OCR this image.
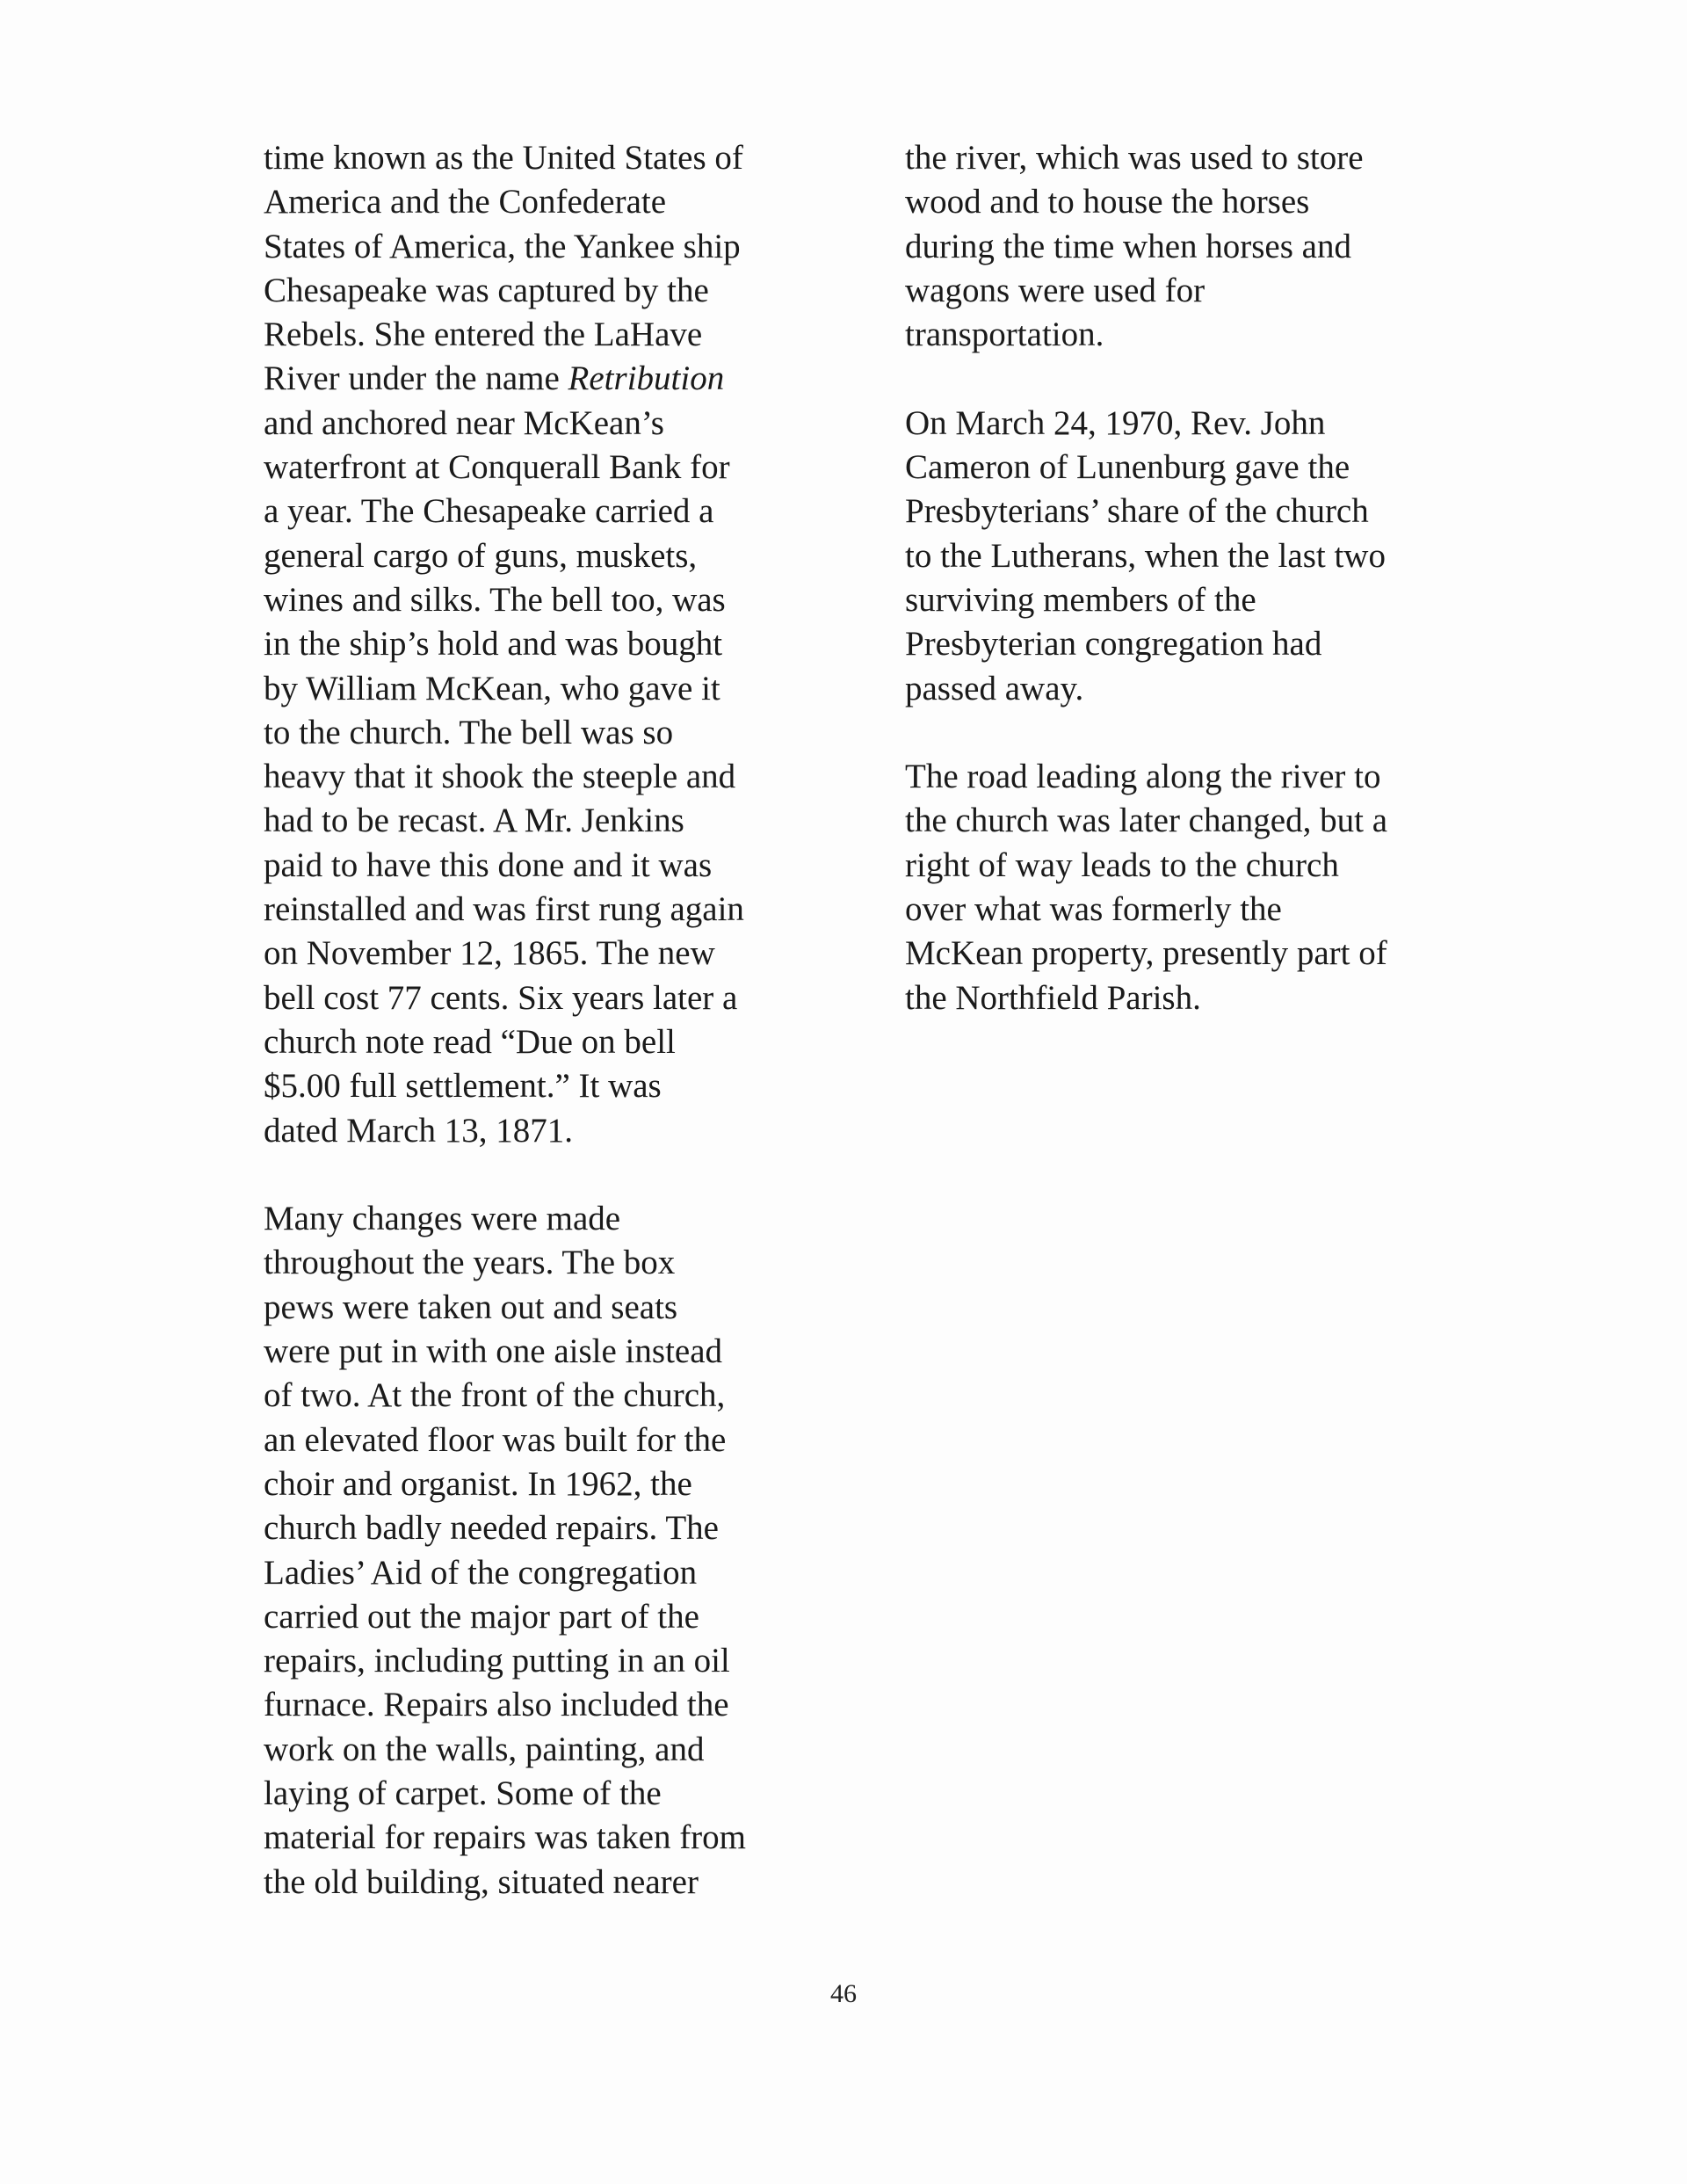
time known as the United States of
America and the Confederate
States of America, the Yankee ship
Chesapeake was captured by the
Rebels. She entered the LaHave
River under the name Retribution
and anchored near McKean’s
waterfront at Conquerall Bank for
a year. The Chesapeake carried a
general cargo of guns, muskets,
wines and silks. The bell too, was
in the ship’s hold and was bought
by William McKean, who gave it
to the church. The bell was so
heavy that it shook the steeple and
had to be recast. A Mr. Jenkins
paid to have this done and it was
reinstalled and was first rung again
on November 12, 1865. The new
bell cost 77 cents. Six years later a
church note read “Due on bell
$5.00 full settlement.” It was
dated March 13, 1871.
Many changes were made
throughout the years. The box
pews were taken out and seats
were put in with one aisle instead
of two. At the front of the church,
an elevated floor was built for the
choir and organist. In 1962, the
church badly needed repairs. The
Ladies’ Aid of the congregation
carried out the major part of the
repairs, including putting in an oil
furnace. Repairs also included the
work on the walls, painting, and
laying of carpet. Some of the
material for repairs was taken from
the old building, situated nearer
the river, which was used to store
wood and to house the horses
during the time when horses and
wagons were used for
transportation.
On March 24, 1970, Rev. John
Cameron of Lunenburg gave the
Presbyterians’ share of the church
to the Lutherans, when the last two
surviving members of the
Presbyterian congregation had
passed away.
The road leading along the river to
the church was later changed, but a
right of way leads to the church
over what was formerly the
McKean property, presently part of
the Northfield Parish.
46
